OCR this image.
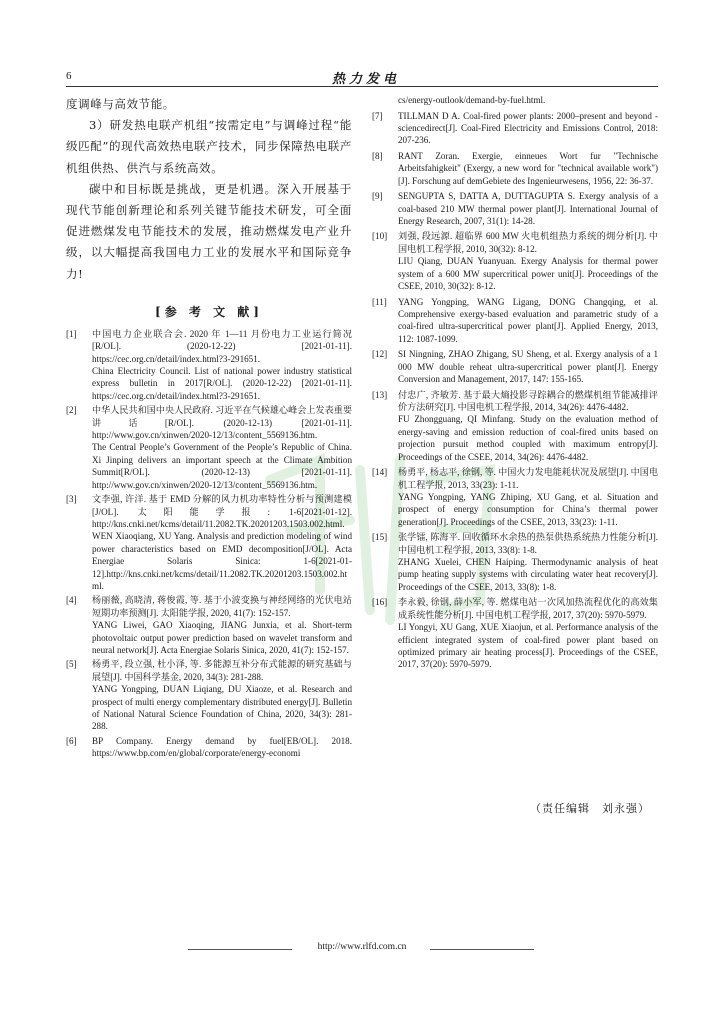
6	热力发电

度调峰与高效节能。

3）研发热电联产机组“按需定电”与调峰过程“能级匹配”的现代高效热电联产技术，同步保障热电联产机组供热、供汽与系统高效。

碳中和目标既是挑战，更是机遇。深入开展基于现代节能创新理论和系列关键节能技术研发，可全面促进燃煤发电节能技术的发展，推动燃煤发电产业升级，以大幅提高我国电力工业的发展水平和国际竞争力!

[参 考 文 献]
[1]	中国电力企业联合会. 2020 年 1—11 月份电力工业运行简况[R/OL]. (2020-12-22) [2021-01-11]. https://cec.org.cn/detail/index.html?3-291651.
China Electricity Council. List of national power industry statistical express bulletin in 2017[R/OL]. (2020-12-22) [2021-01-11]. https://cec.org.cn/detail/index.html?3-291651.
[2]	中华人民共和国中央人民政府. 习近平在气候雄心峰会上发表重要讲话[R/OL]. (2020-12-13) [2021-01-11]. http://www.gov.cn/xinwen/2020-12/13/content_5569136.htm.
The Central People’s Government of the People’s Republic of China. Xi Jinping delivers an important speech at the Climate Ambition Summit[R/OL]. (2020-12-13) [2021-01-11]. http://www.gov.cn/xinwen/2020-12/13/content_5569136.htm.
[3]	文李强, 许洋. 基于 EMD 分解的风力机功率特性分析与预测建模[J/OL]. 太阳能学报: 1-6[2021-01-12]. http://kns.cnki.net/kcms/detail/11.2082.TK.20201203.1503.002.html.
WEN Xiaoqiang, XU Yang. Analysis and prediction modeling of wind power characteristics based on EMD decomposition[J/OL]. Acta Energiae Solaris Sinica: 1-6[2021-01-12].http://kns.cnki.net/kcms/detail/11.2082.TK.20201203.1503.002.html.
[4]	杨丽薇, 高晓清, 蒋俊霞, 等. 基于小波变换与神经网络的光伏电站短期功率预测[J]. 太阳能学报, 2020, 41(7): 152-157.
YANG Liwei, GAO Xiaoqing, JIANG Junxia, et al. Short-term photovoltaic output power prediction based on wavelet transform and neural network[J]. Acta Energiae Solaris Sinica, 2020, 41(7): 152-157.
[5]	杨勇平, 段立强, 杜小泽, 等. 多能源互补分布式能源的研究基础与展望[J]. 中国科学基金, 2020, 34(3): 281-288.
YANG Yongping, DUAN Liqiang, DU Xiaoze, et al. Research and prospect of multi energy complementary distributed energy[J]. Bulletin of National Natural Science Foundation of China, 2020, 34(3): 281-288.
[6]	BP Company. Energy demand by fuel[EB/OL]. 2018. https://www.bp.com/en/global/corporate/energy-economi
cs/energy-outlook/demand-by-fuel.html.
[7]	TILLMAN D A. Coal-fired power plants: 2000–present and beyond - sciencedirect[J]. Coal-Fired Electricity and Emissions Control, 2018: 207-236.
[8]	RANT Zoran. Exergie, einneues Wort fur "Technische Arbeitsfahigkeit" (Exergy, a new word for "technical available work")[J]. Forschung auf demGebiete des Ingenieurwesens, 1956, 22: 36-37.
[9]	SENGUPTA S, DATTA A, DUTTAGUPTA S. Exergy analysis of a coal-based 210 MW thermal power plant[J]. International Journal of Energy Research, 2007, 31(1): 14-28.
[10]	刘强, 段远源. 超临界 600 MW 火电机组热力系统的㶲分析[J]. 中国电机工程学报, 2010, 30(32): 8-12.
LIU Qiang, DUAN Yuanyuan. Exergy Analysis for thermal power system of a 600 MW supercritical power unit[J]. Proceedings of the CSEE, 2010, 30(32): 8-12.
[11]	YANG Yongping, WANG Ligang, DONG Changqing, et al. Comprehensive exergy-based evaluation and parametric study of a coal-fired ultra-supercritical power plant[J]. Applied Energy, 2013, 112: 1087-1099.
[12]	SI Ningning, ZHAO Zhigang, SU Sheng, et al. Exergy analysis of a 1 000 MW double reheat ultra-supercritical power plant[J]. Energy Conversion and Management, 2017, 147: 155-165.
[13]	付忠广, 齐敏芳. 基于最大熵投影寻踪耦合的燃煤机组节能减排评价方法研究[J]. 中国电机工程学报, 2014, 34(26): 4476-4482.
FU Zhongguang, QI Minfang. Study on the evaluation method of energy-saving and emission reduction of coal-fired units based on projection pursuit method coupled with maximum entropy[J]. Proceedings of the CSEE, 2014, 34(26): 4476-4482.
[14]	杨勇平, 杨志平, 徐钢, 等. 中国火力发电能耗状况及展望[J]. 中国电机工程学报, 2013, 33(23): 1-11.
YANG Yongping, YANG Zhiping, XU Gang, et al. Situation and prospect of energy consumption for China’s thermal power generation[J]. Proceedings of the CSEE, 2013, 33(23): 1-11.
[15]	张学镭, 陈海平. 回收循环水余热的热泵供热系统热力性能分析[J]. 中国电机工程学报, 2013, 33(8): 1-8.
ZHANG Xuelei, CHEN Haiping. Thermodynamic analysis of heat pump heating supply systems with circulating water heat recovery[J]. Proceedings of the CSEE, 2013, 33(8): 1-8.
[16]	李永毅, 徐钢, 薛小军, 等. 燃煤电站一次风加热流程优化的高效集成系统性能分析[J]. 中国电机工程学报, 2017, 37(20): 5970-5979.
LI Yongyi, XU Gang, XUE Xiaojun, et al. Performance analysis of the efficient integrated system of coal-fired power plant based on optimized primary air heating process[J]. Proceedings of the CSEE, 2017, 37(20): 5970-5979.
（责任编辑　刘永强）
http://www.rlfd.com.cn
